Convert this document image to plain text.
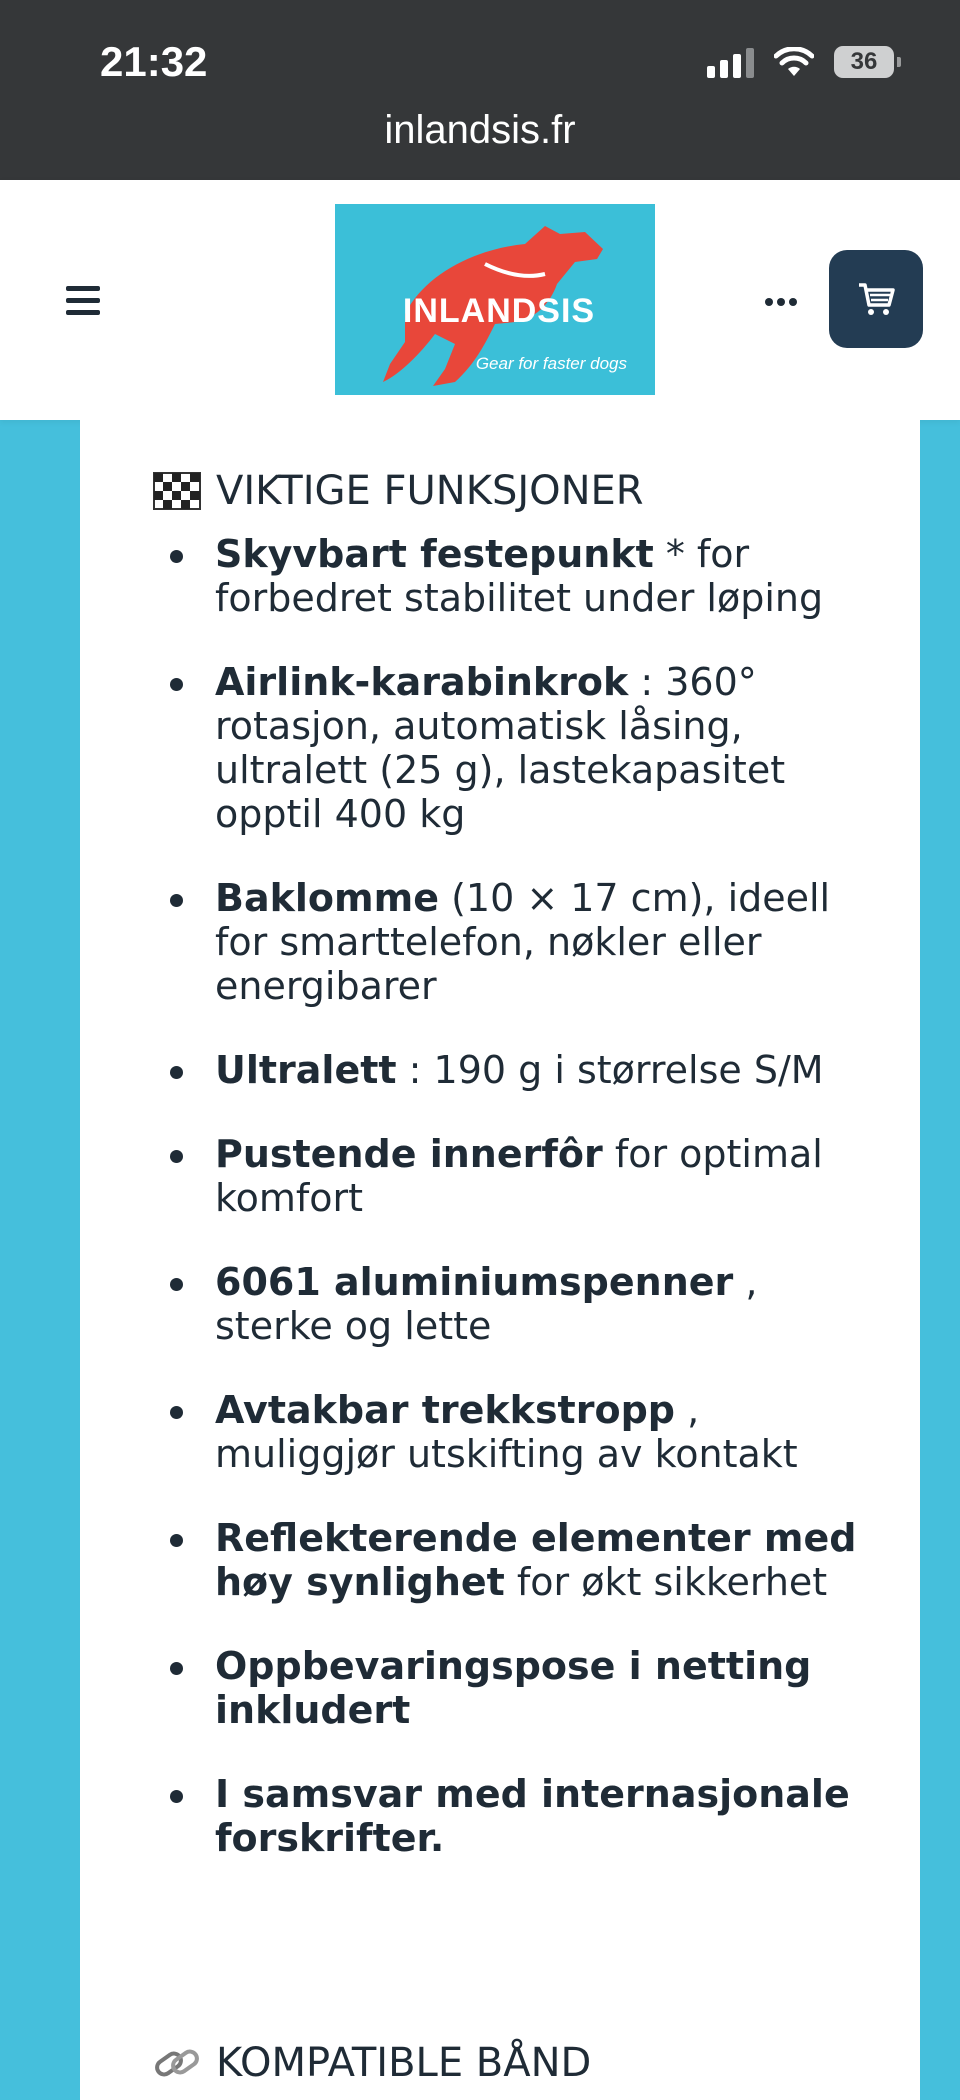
21:32	36
inlandsis.fr
INLANDSIS
Gear for faster dogs
VIKTIGE FUNKSJONER
Skyvbart festepunkt * for forbedret stabilitet under løping
Airlink-karabinkrok : 360° rotasjon, automatisk låsing, ultralett (25 g), lastekapasitet opptil 400 kg
Baklomme (10 × 17 cm), ideell for smarttelefon, nøkler eller energibarer
Ultralett : 190 g i størrelse S/M
Pustende innerfôr for optimal komfort
6061 aluminiumspenner , sterke og lette
Avtakbar trekkstropp , muliggjør utskifting av kontakt
Reflekterende elementer med høy synlighet for økt sikkerhet
Oppbevaringspose i netting inkludert
I samsvar med internasjonale forskrifter.
KOMPATIBLE BÅND
